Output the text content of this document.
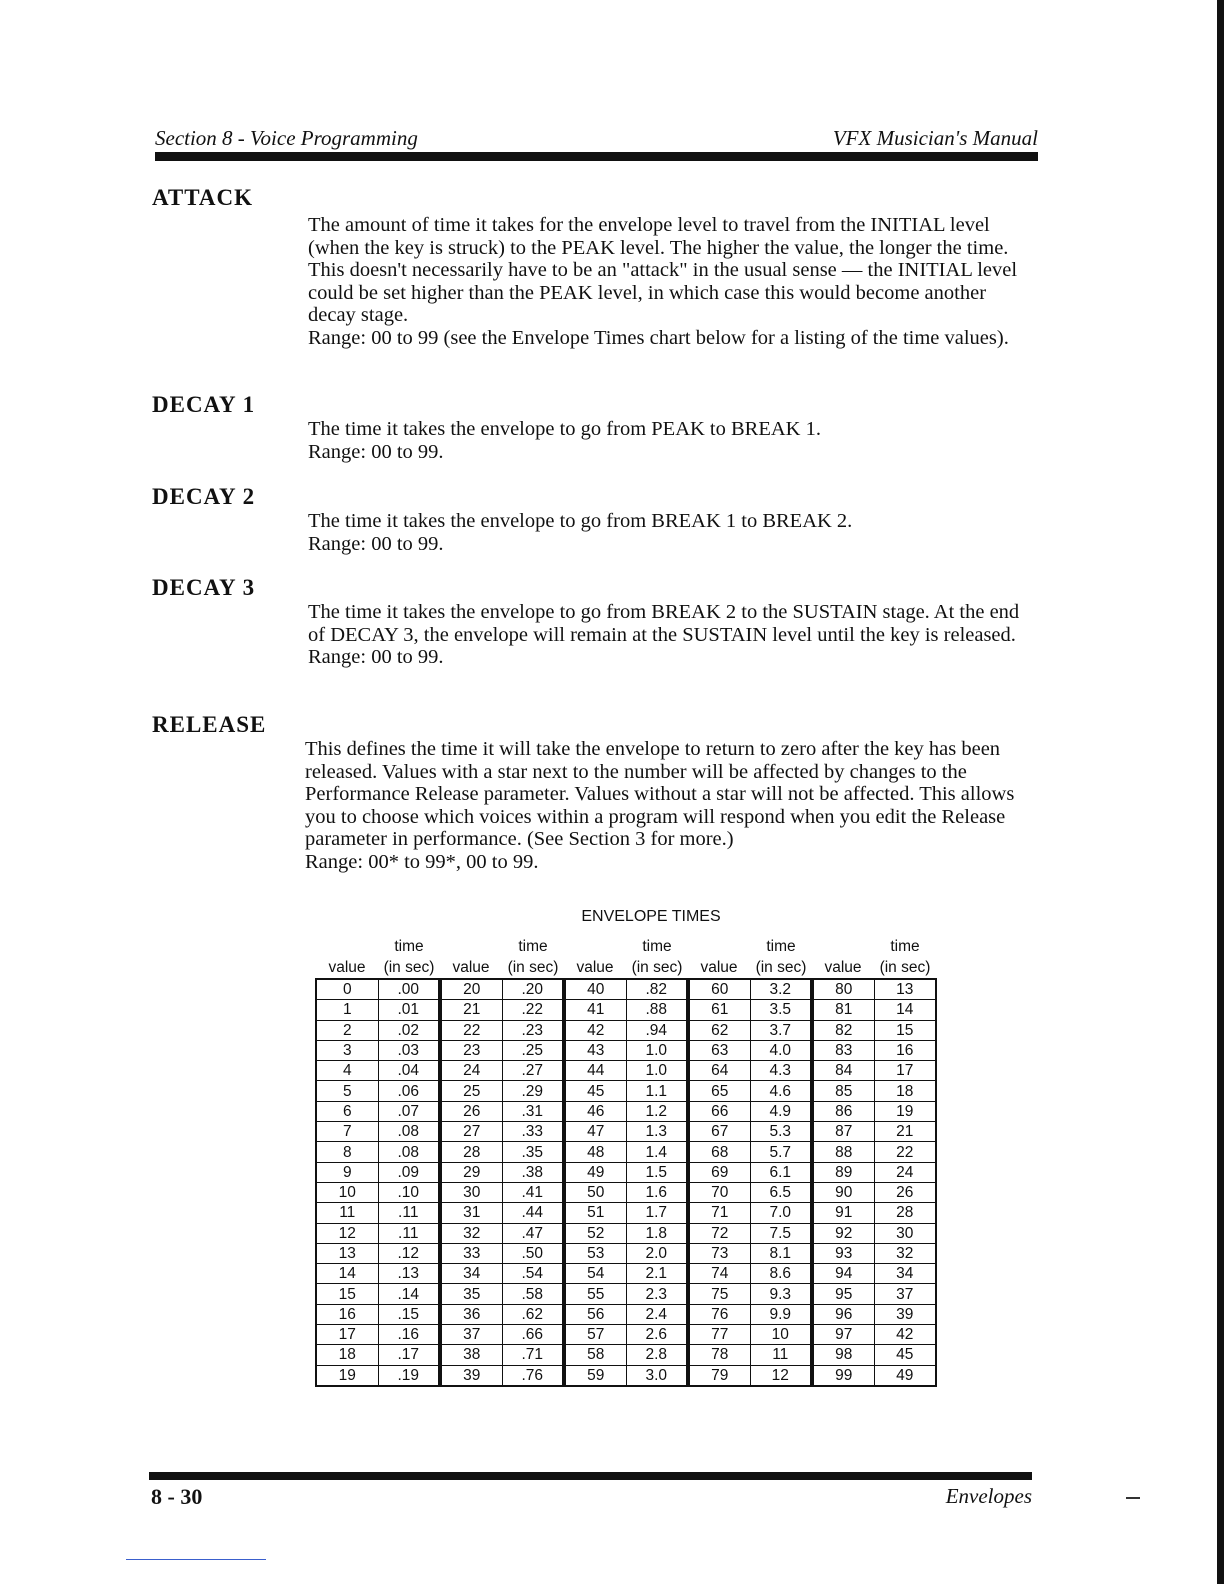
Section 8 - Voice Programming	VFX Musician's Manual
ATTACK

The amount of time it takes for the envelope level to travel from the INITIAL level (when the key is struck) to the PEAK level. The higher the value, the longer the time. This doesn't necessarily have to be an "attack" in the usual sense — the INITIAL level could be set higher than the PEAK level, in which case this would become another decay stage.

Range: 00 to 99 (see the Envelope Times chart below for a listing of the time values).

DECAY 1

The time it takes the envelope to go from PEAK to BREAK 1.

Range: 00 to 99.

DECAY 2

The time it takes the envelope to go from BREAK 1 to BREAK 2.

Range: 00 to 99.

DECAY 3

The time it takes the envelope to go from BREAK 2 to the SUSTAIN stage. At the end of DECAY 3, the envelope will remain at the SUSTAIN level until the key is released.

Range: 00 to 99.

RELEASE

This defines the time it will take the envelope to return to zero after the key has been released. Values with a star next to the number will be affected by changes to the Performance Release parameter. Values without a star will not be affected. This allows you to choose which voices within a program will respond when you edit the Release parameter in performance. (See Section 3 for more.)

Range: 00* to 99*, 00 to 99.

ENVELOPE TIMES
	time		time		time		time		time
value	(in sec)	value	(in sec)	value	(in sec)	value	(in sec)	value	(in sec)
0	.00	20	.20	40	.82	60	3.2	80	13
1	.01	21	.22	41	.88	61	3.5	81	14
2	.02	22	.23	42	.94	62	3.7	82	15
3	.03	23	.25	43	1.0	63	4.0	83	16
4	.04	24	.27	44	1.0	64	4.3	84	17
5	.06	25	.29	45	1.1	65	4.6	85	18
6	.07	26	.31	46	1.2	66	4.9	86	19
7	.08	27	.33	47	1.3	67	5.3	87	21
8	.08	28	.35	48	1.4	68	5.7	88	22
9	.09	29	.38	49	1.5	69	6.1	89	24
10	.10	30	.41	50	1.6	70	6.5	90	26
11	.11	31	.44	51	1.7	71	7.0	91	28
12	.11	32	.47	52	1.8	72	7.5	92	30
13	.12	33	.50	53	2.0	73	8.1	93	32
14	.13	34	.54	54	2.1	74	8.6	94	34
15	.14	35	.58	55	2.3	75	9.3	95	37
16	.15	36	.62	56	2.4	76	9.9	96	39
17	.16	37	.66	57	2.6	77	10	97	42
18	.17	38	.71	58	2.8	78	11	98	45
19	.19	39	.76	59	3.0	79	12	99	49
8 - 30	Envelopes
